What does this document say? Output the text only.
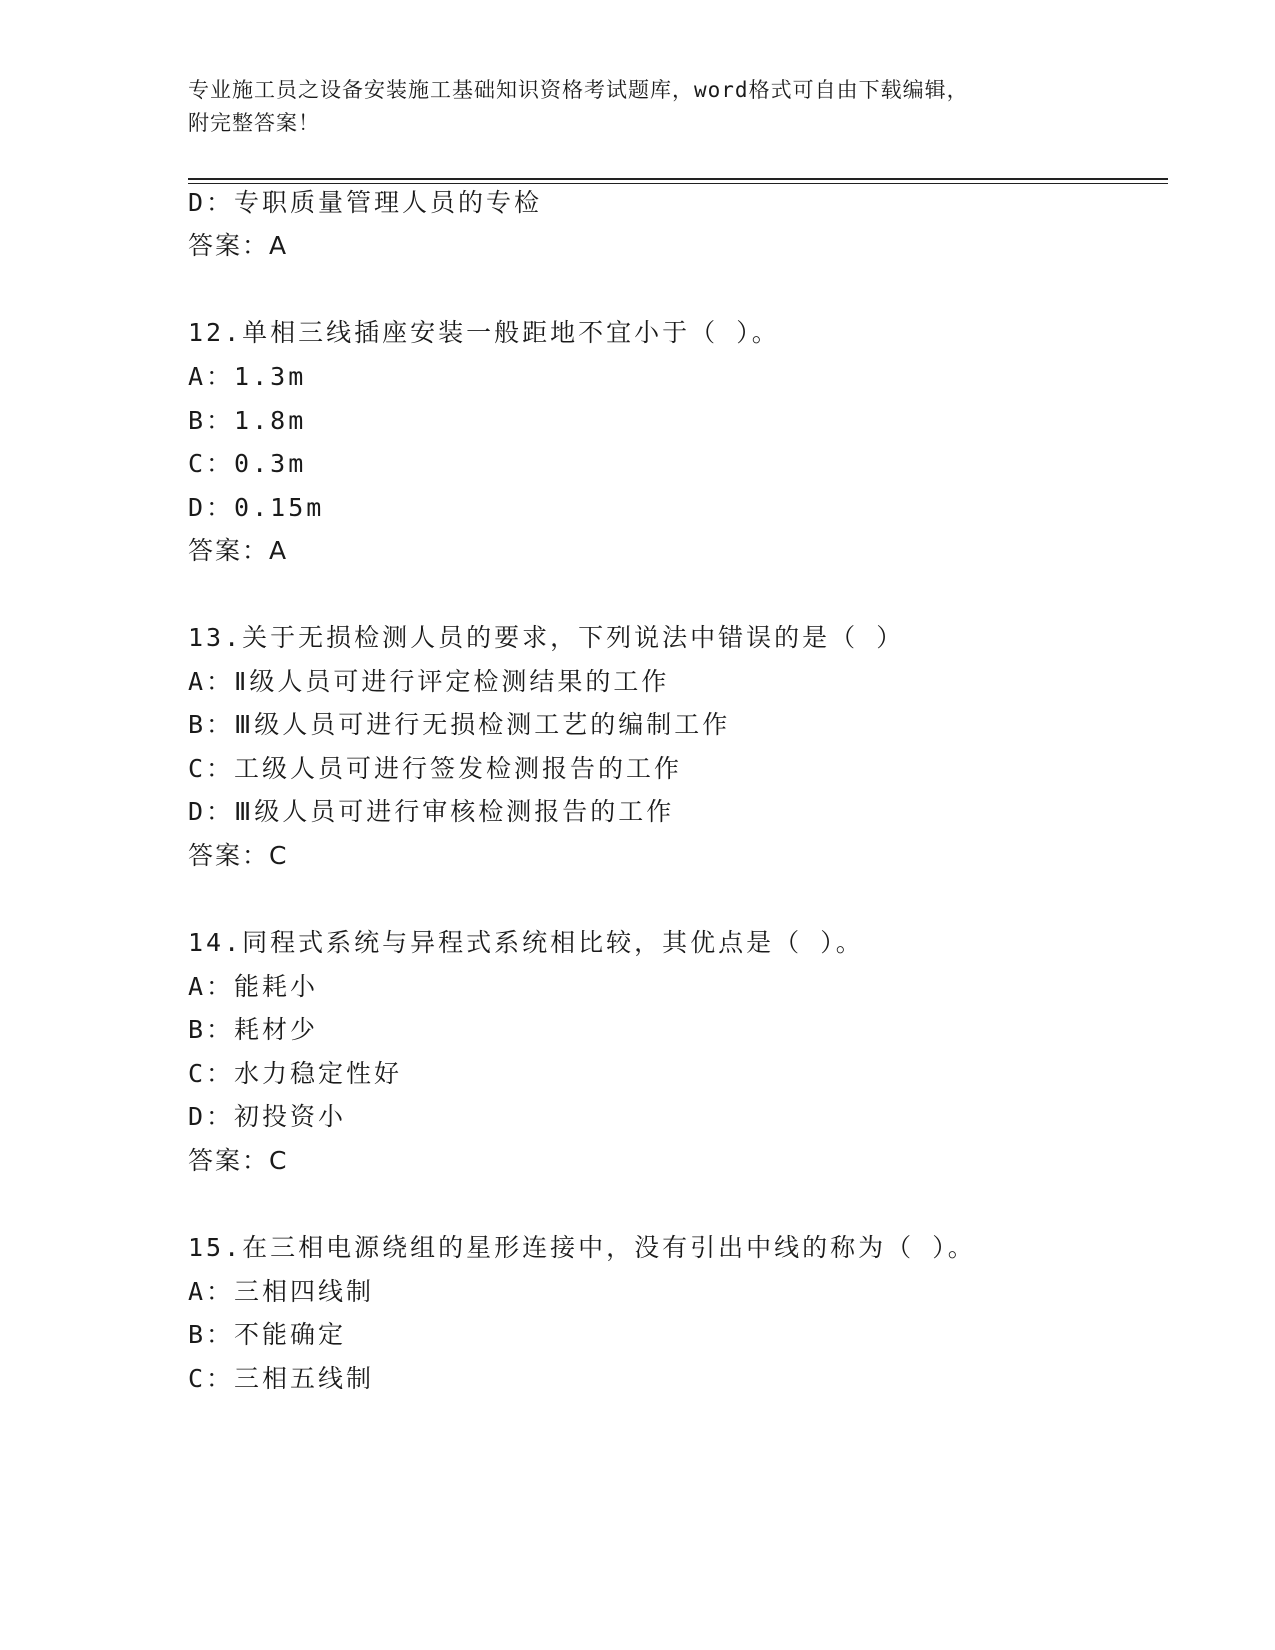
专业施工员之设备安装施工基础知识资格考试题库，word格式可自由下载编辑，
附完整答案！
D：专职质量管理人员的专检
答案：A
12.单相三线插座安装一般距地不宜小于（ ）。
A：1.3m
B：1.8m
C：0.3m
D：0.15m
答案：A
13.关于无损检测人员的要求，下列说法中错误的是（ ）
A：Ⅱ级人员可进行评定检测结果的工作
B：Ⅲ级人员可进行无损检测工艺的编制工作
C：工级人员可进行签发检测报告的工作
D：Ⅲ级人员可进行审核检测报告的工作
答案：C
14.同程式系统与异程式系统相比较，其优点是（ ）。
A：能耗小
B：耗材少
C：水力稳定性好
D：初投资小
答案：C
15.在三相电源绕组的星形连接中，没有引出中线的称为（ ）。
A：三相四线制
B：不能确定
C：三相五线制
